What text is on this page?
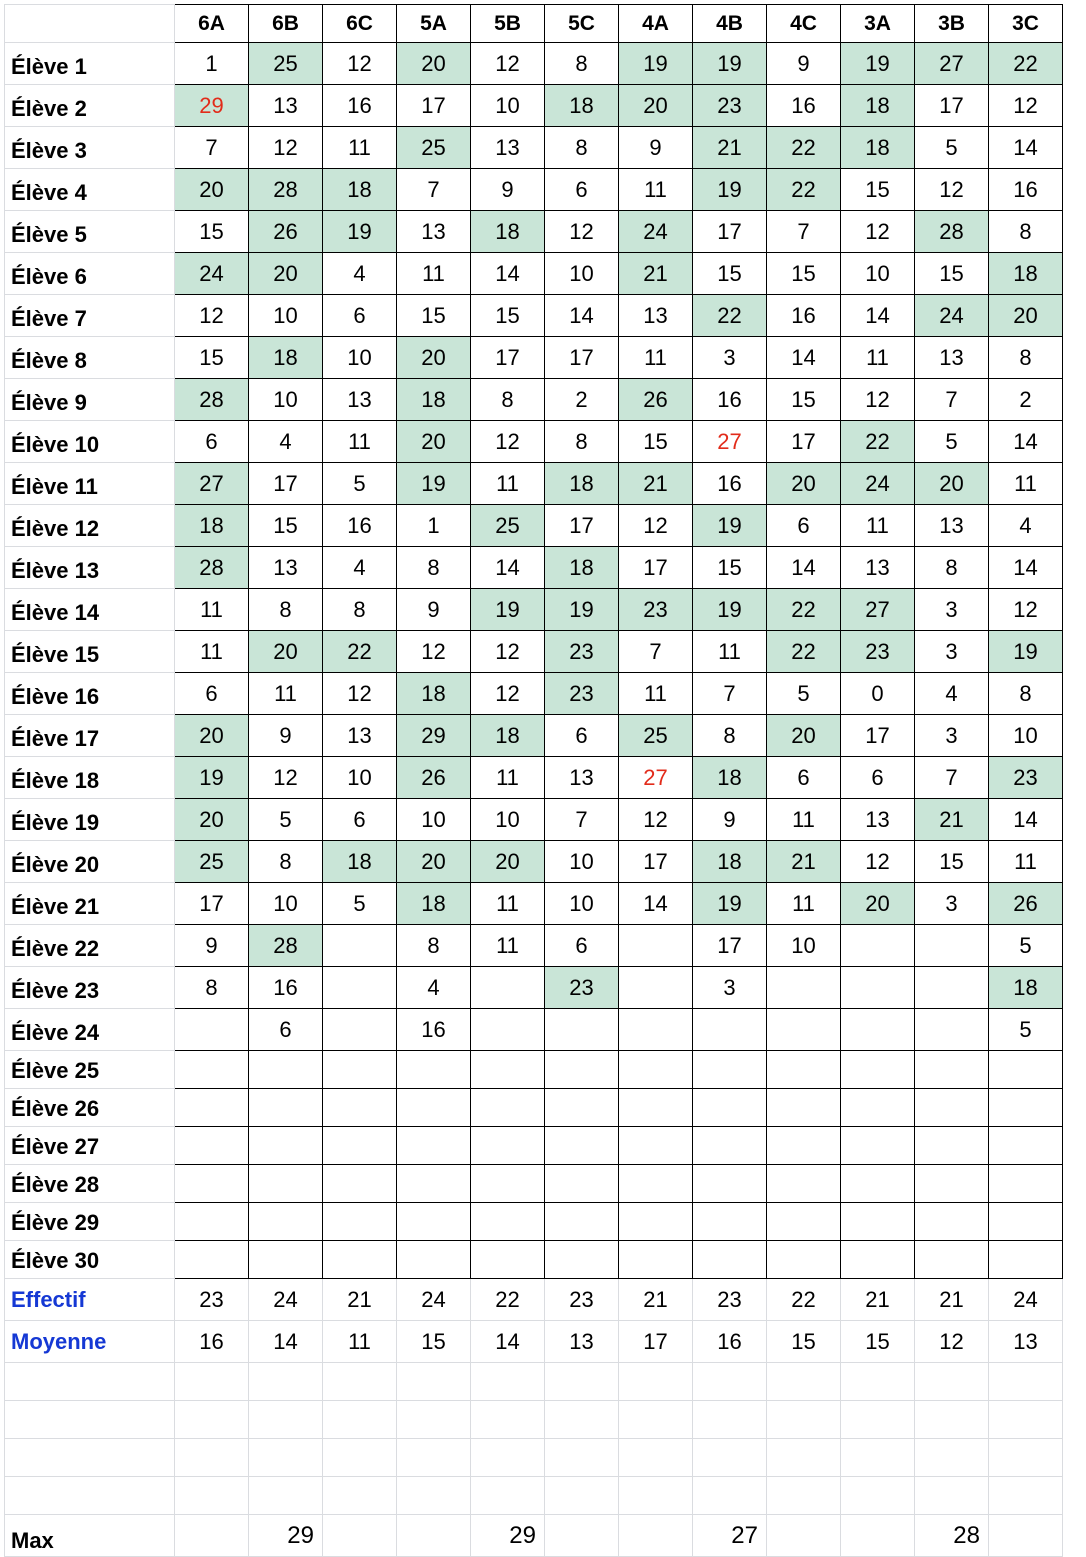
	6A	6B	6C	5A	5B	5C	4A	4B	4C	3A	3B	3C
Élève 1	1	25	12	20	12	8	19	19	9	19	27	22
Élève 2	29	13	16	17	10	18	20	23	16	18	17	12
Élève 3	7	12	11	25	13	8	9	21	22	18	5	14
Élève 4	20	28	18	7	9	6	11	19	22	15	12	16
Élève 5	15	26	19	13	18	12	24	17	7	12	28	8
Élève 6	24	20	4	11	14	10	21	15	15	10	15	18
Élève 7	12	10	6	15	15	14	13	22	16	14	24	20
Élève 8	15	18	10	20	17	17	11	3	14	11	13	8
Élève 9	28	10	13	18	8	2	26	16	15	12	7	2
Élève 10	6	4	11	20	12	8	15	27	17	22	5	14
Élève 11	27	17	5	19	11	18	21	16	20	24	20	11
Élève 12	18	15	16	1	25	17	12	19	6	11	13	4
Élève 13	28	13	4	8	14	18	17	15	14	13	8	14
Élève 14	11	8	8	9	19	19	23	19	22	27	3	12
Élève 15	11	20	22	12	12	23	7	11	22	23	3	19
Élève 16	6	11	12	18	12	23	11	7	5	0	4	8
Élève 17	20	9	13	29	18	6	25	8	20	17	3	10
Élève 18	19	12	10	26	11	13	27	18	6	6	7	23
Élève 19	20	5	6	10	10	7	12	9	11	13	21	14
Élève 20	25	8	18	20	20	10	17	18	21	12	15	11
Élève 21	17	10	5	18	11	10	14	19	11	20	3	26
Élève 22	9	28		8	11	6		17	10			5
Élève 23	8	16		4		23		3				18
Élève 24		6		16								5
Élève 25												
Élève 26												
Élève 27												
Élève 28												
Élève 29												
Élève 30												
Effectif	23	24	21	24	22	23	21	23	22	21	21	24
Moyenne	16	14	11	15	14	13	17	16	15	15	12	13

Max		29			29			27			28	
